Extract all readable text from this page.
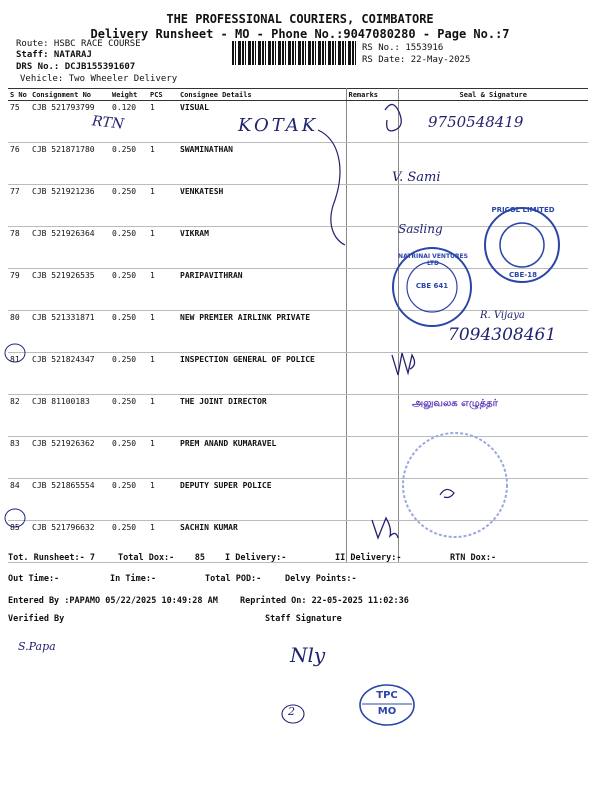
THE PROFESSIONAL COURIERS, COIMBATORE
Delivery Runsheet - MO - Phone No.:9047080280 - Page No.:7
Route: HSBC RACE COURSE
Staff: NATARAJ
DRS No.: DCJB155391607
Vehicle: Two Wheeler Delivery
RS No.: 1553916
RS Date: 22-May-2025
S No	Consignment No	Weight	PCS	Consignee Details	Remarks	Seal & Signature
75	CJB 521793799	0.120	1	VISUAL		
76	CJB 521871780	0.250	1	SWAMINATHAN		
77	CJB 521921236	0.250	1	VENKATESH		
78	CJB 521926364	0.250	1	VIKRAM		
79	CJB 521926535	0.250	1	PARIPAVITHRAN		
80	CJB 521331871	0.250	1	NEW PREMIER AIRLINK PRIVATE		
81	CJB 521824347	0.250	1	INSPECTION GENERAL OF POLICE		
82	CJB 81100183	0.250	1	THE JOINT DIRECTOR		
83	CJB 521926362	0.250	1	PREM ANAND KUMARAVEL		
84	CJB 521865554	0.250	1	DEPUTY SUPER POLICE		
85	CJB 521796632	0.250	1	SACHIN KUMAR		
RTN	KOTAK	9750548419
V. Sami
Sasling
R. Vijaya
7094308461
அலுவலக எழுத்தர்
S.Papa	Nly
2
PRICOL LIMITED
CBE-18
NATRINAI VENTURES LTD
CBE 641
TPC
MO
Tot. Runsheet:- 7	Total Dox:-    85 I Delivery:-	II Delivery:-	RTN Dox:-
Out Time:-	In Time:-	Total POD:-	Delvy Points:-
Entered By :PAPAMO 05/22/2025 10:49:28 AM	Reprinted On: 22-05-2025 11:02:36
Verified By	Staff Signature
